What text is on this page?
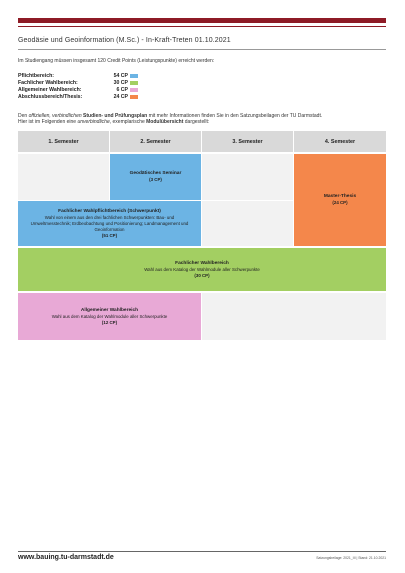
Geodäsie und Geoinformation (M.Sc.) - In-Kraft-Treten 01.10.2021
Im Studiengang müssen insgesamt 120 Credit Points (Leistungspunkte) erreicht werden:
Pflichtbereich:	54 CP
Fachlicher Wahlbereich:	30 CP
Allgemeiner Wahlbereich:	6 CP
Abschlussbereich/Thesis:	24 CP
Den offiziellen, verbindlichen Studien- und Prüfungsplan mit mehr Informationen finden Sie in den Satzungsbeilagen der TU Darmstadt.
Hier ist im Folgenden eine unverbindliche, exemplarische Modulübersicht dargestellt:
1. Semester	2. Semester	3. Semester	4. Semester
Geodätisches Seminar
(3 CP)
Master-Thesis
(24 CP)
Fachlicher Wahlpflichtbereich (Schwerpunkt)
Wahl von einem aus den drei fachlichen Schwerpunkten: Bau- und Umweltmesstechnik; Erdbeobachtung und Positionierung; Landmanagement und Geoinformation
(51 CP)
Fachlicher Wahlbereich
Wahl aus dem Katalog der Wahlmodule aller Schwerpunkte
(30 CP)
Allgemeiner Wahlbereich
Wahl aus dem Katalog der Wahlmodule aller Schwerpunkte
(12 CP)
www.bauing.tu-darmstadt.de	Satzungsbeilage: 2021_III | Stand: 21.10.2021
